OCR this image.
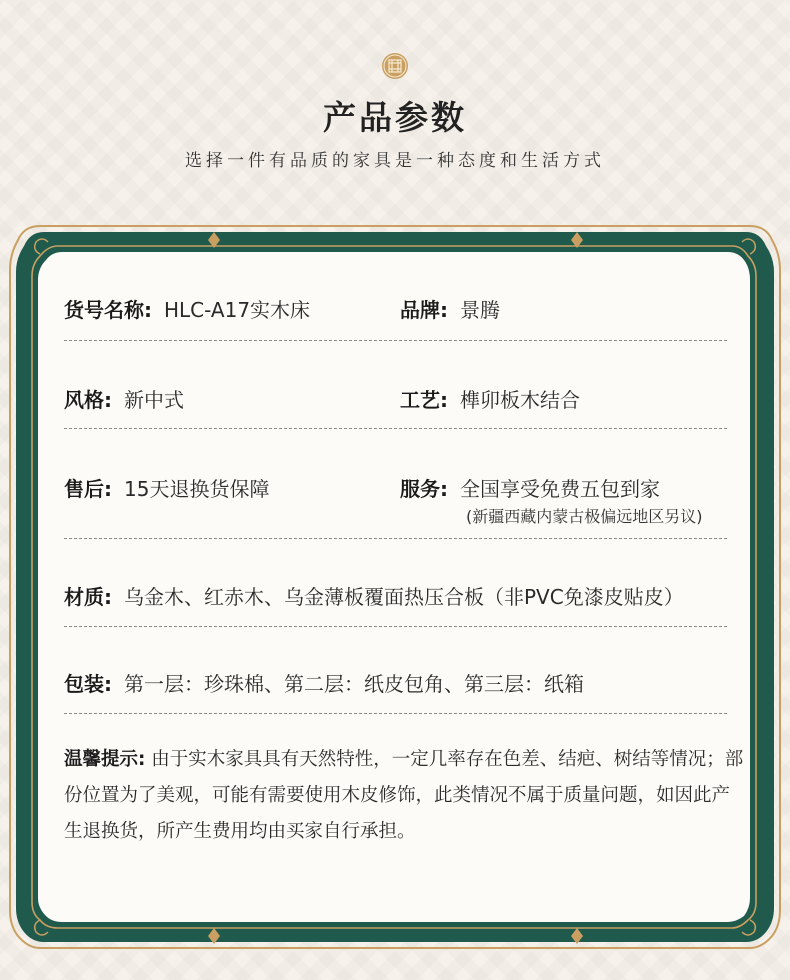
产品参数
选择一件有品质的家具是一种态度和生活方式
货号名称: HLC-A17实木床	品牌: 景腾
风格: 新中式	工艺: 榫卯板木结合
售后: 15天退换货保障	服务: 全国享受免费五包到家
(新疆西藏内蒙古极偏远地区另议)
材质: 乌金木、红赤木、乌金薄板覆面热压合板（非PVC免漆皮贴皮）
包装: 第一层：珍珠棉、第二层：纸皮包角、第三层：纸箱
温馨提示: 由于实木家具具有天然特性，一定几率存在色差、结疤、树结等情况；部份位置为了美观，可能有需要使用木皮修饰，此类情况不属于质量问题，如因此产生退换货，所产生费用均由买家自行承担。
